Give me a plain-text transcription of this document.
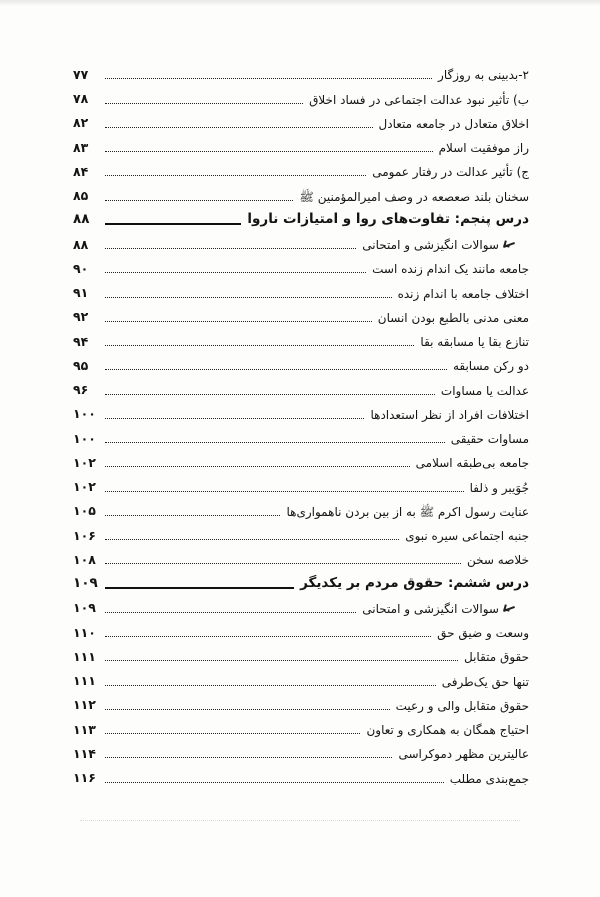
۲-بدبینی به روزگار
۷۷
ب) تأثیر نبود عدالت اجتماعی در فساد اخلاق
۷۸
اخلاق متعادل در جامعه متعادل
۸۲
راز موفقیت اسلام
۸۳
ج) تأثیر عدالت در رفتار عمومی
۸۴
سخنان بلند صعصعه در وصف امیرالمؤمنین ﷺ
۸۵
درس پنجم: تفاوت‌های روا و امتیازات ناروا
۸۸
سوالات انگیزشی و امتحانی
۸۸
جامعه مانند یک اندام زنده است
۹۰
اختلاف جامعه با اندام زنده
۹۱
معنی مدنی بالطبع بودن انسان
۹۲
تنازع بقا یا مسابقه بقا
۹۴
دو رکن مسابقه
۹۵
عدالت یا مساوات
۹۶
اختلافات افراد از نظر استعدادها
۱۰۰
مساوات حقیقی
۱۰۰
جامعه بی‌طبقه اسلامی
۱۰۲
جُوَیبر و ذلفا
۱۰۲
عنایت رسول اکرم ﷺ به از بین بردن ناهمواری‌ها
۱۰۵
جنبه اجتماعی سیره نبوی
۱۰۶
خلاصه سخن
۱۰۸
درس ششم: حقوق مردم بر یکدیگر
۱۰۹
سوالات انگیزشی و امتحانی
۱۰۹
وسعت و ضیق حق
۱۱۰
حقوق متقابل
۱۱۱
تنها حق یک‌طرفی
۱۱۱
حقوق متقابل والی و رعیت
۱۱۲
احتیاج همگان به همکاری و تعاون
۱۱۳
عالیترین مظهر دموکراسی
۱۱۴
جمع‌بندی مطلب
۱۱۶
